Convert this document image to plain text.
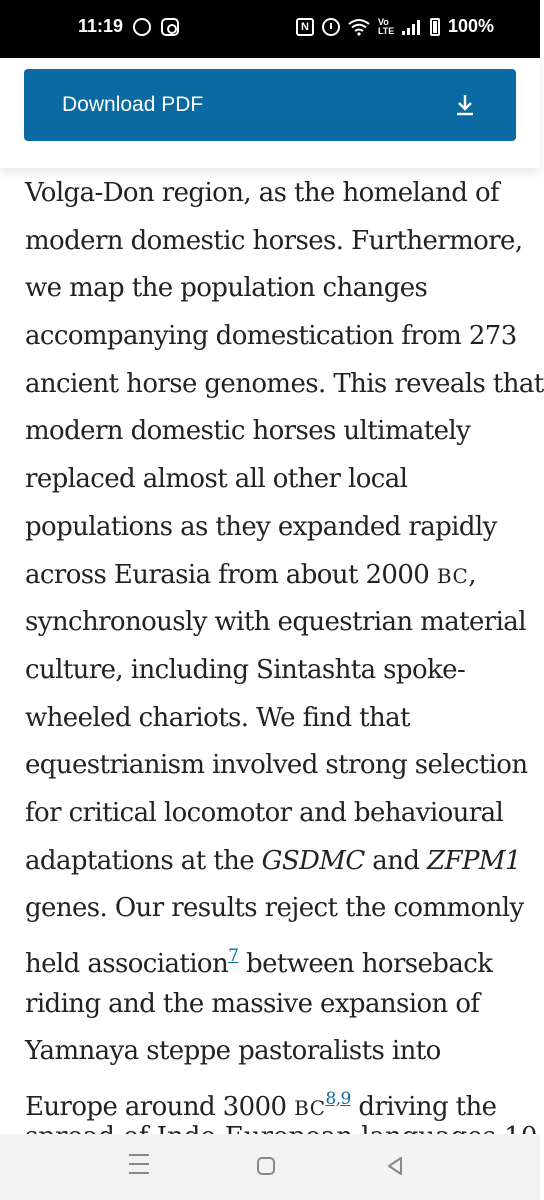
11:19	N	Vo LTE	100%
Download PDF
Volga-Don region, as the homeland of
modern domestic horses. Furthermore,
we map the population changes
accompanying domestication from 273
ancient horse genomes. This reveals that
modern domestic horses ultimately
replaced almost all other local
populations as they expanded rapidly
across Eurasia from about 2000 BC,
synchronously with equestrian material
culture, including Sintashta spoke-
wheeled chariots. We find that
equestrianism involved strong selection
for critical locomotor and behavioural
adaptations at the GSDMC and ZFPM1
genes. Our results reject the commonly
held association$^7$ between horseback
riding and the massive expansion of
Yamnaya steppe pastoralists into
Europe around 3000 BC$^{8,9}$ driving the
